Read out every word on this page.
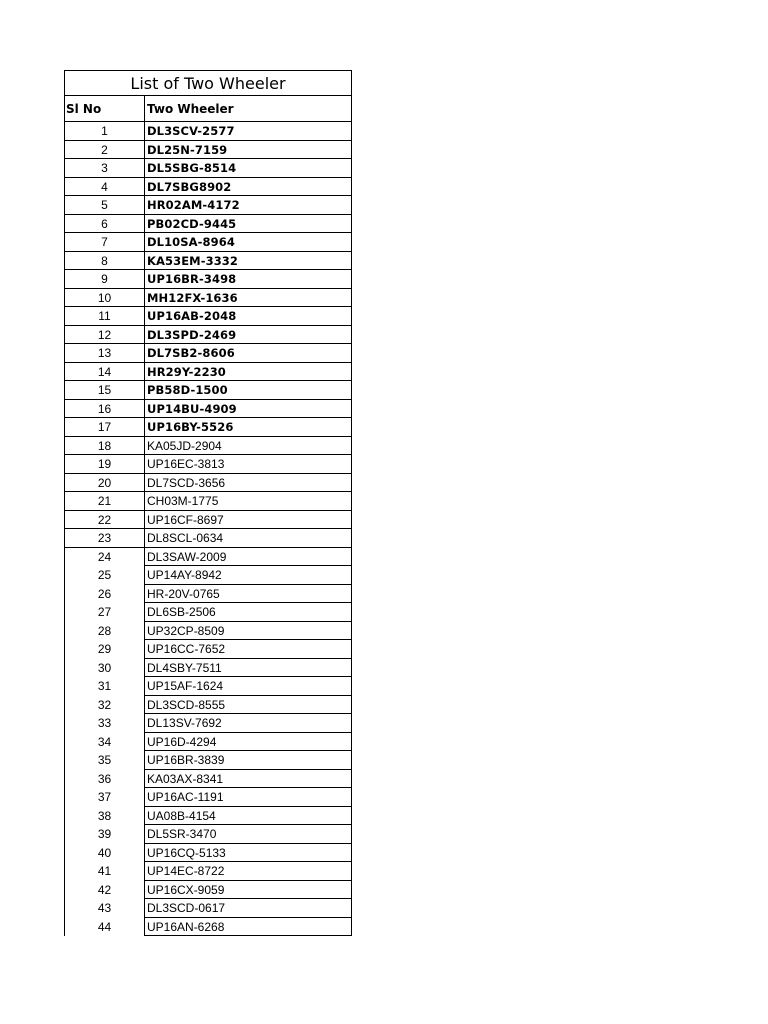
List of Two Wheeler
Sl No	Two Wheeler
1	DL3SCV-2577
2	DL25N-7159
3	DL5SBG-8514
4	DL7SBG8902
5	HR02AM-4172
6	PB02CD-9445
7	DL10SA-8964
8	KA53EM-3332
9	UP16BR-3498
10	MH12FX-1636
11	UP16AB-2048
12	DL3SPD-2469
13	DL7SB2-8606
14	HR29Y-2230
15	PB58D-1500
16	UP14BU-4909
17	UP16BY-5526
18	KA05JD-2904
19	UP16EC-3813
20	DL7SCD-3656
21	CH03M-1775
22	UP16CF-8697
23	DL8SCL-0634
24	DL3SAW-2009
25	UP14AY-8942
26	HR-20V-0765
27	DL6SB-2506
28	UP32CP-8509
29	UP16CC-7652
30	DL4SBY-7511
31	UP15AF-1624
32	DL3SCD-8555
33	DL13SV-7692
34	UP16D-4294
35	UP16BR-3839
36	KA03AX-8341
37	UP16AC-1191
38	UA08B-4154
39	DL5SR-3470
40	UP16CQ-5133
41	UP14EC-8722
42	UP16CX-9059
43	DL3SCD-0617
44	UP16AN-6268
